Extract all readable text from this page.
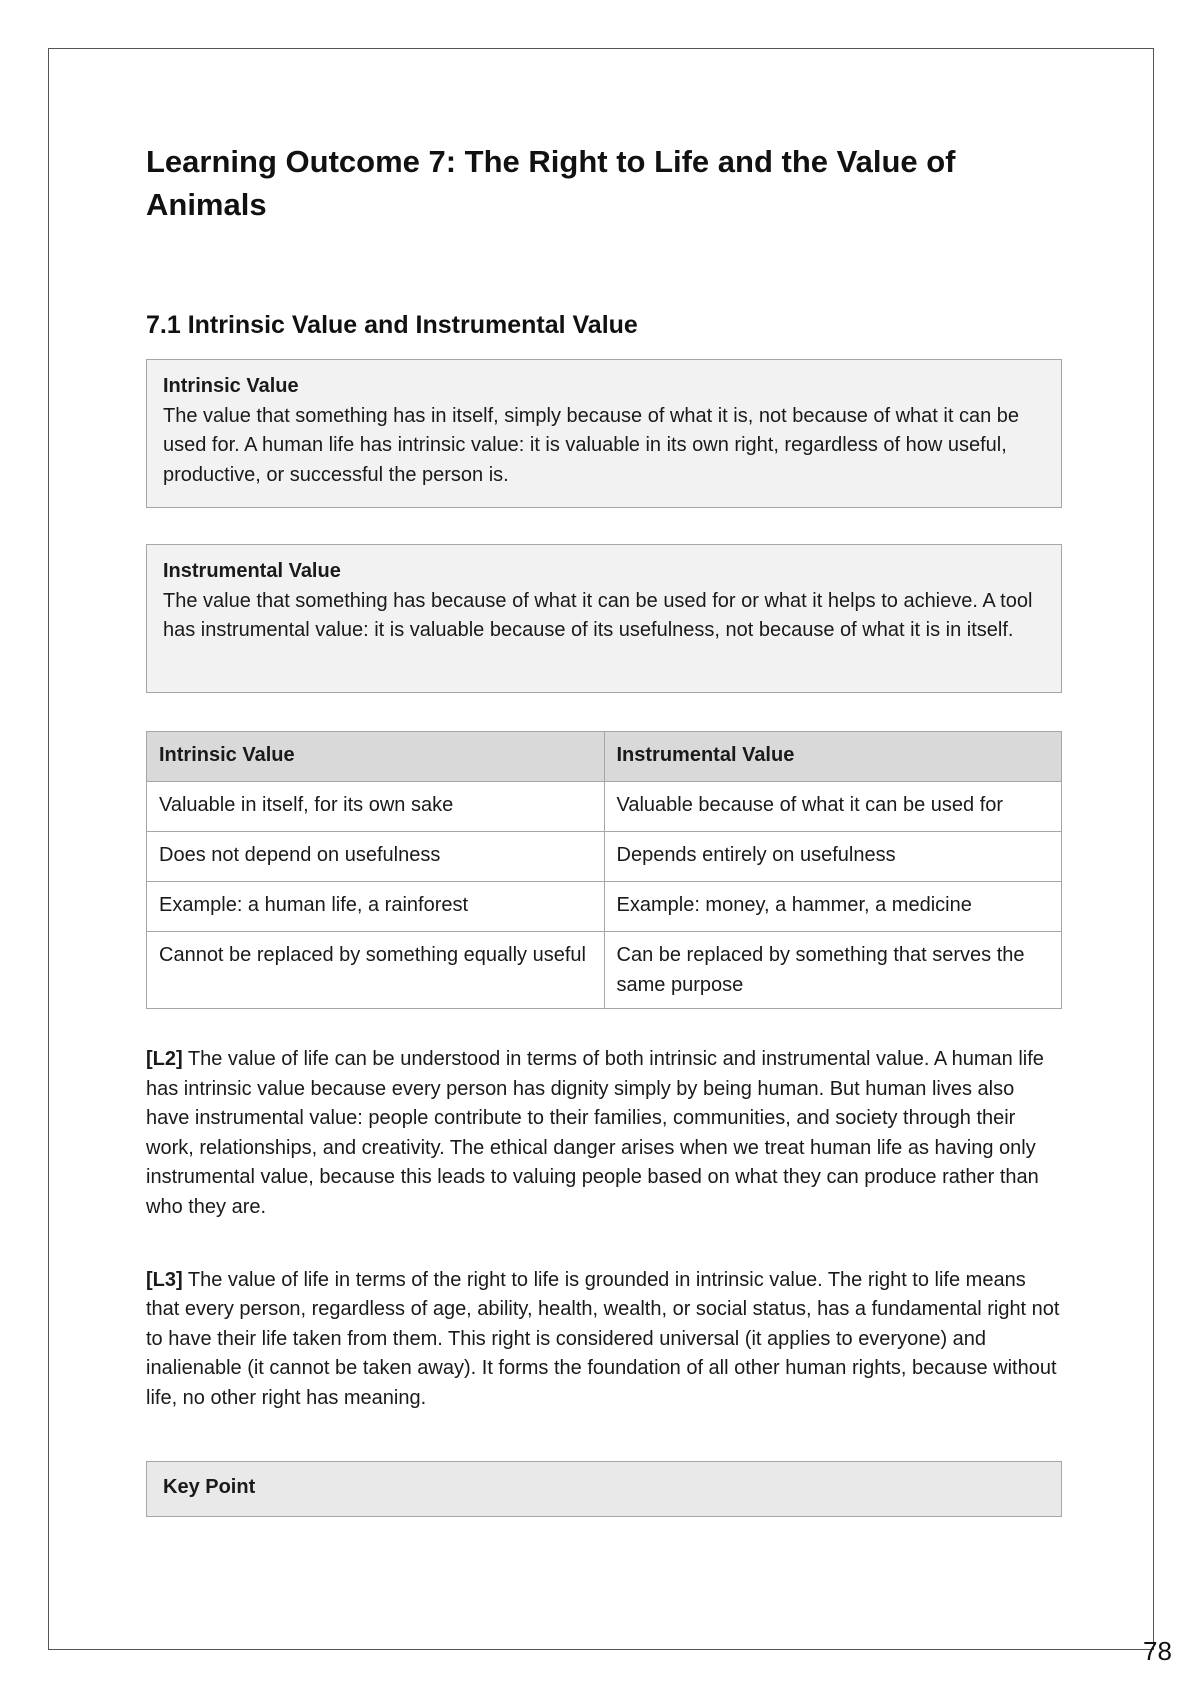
Learning Outcome 7: The Right to Life and the Value of Animals
7.1 Intrinsic Value and Instrumental Value
Intrinsic Value
The value that something has in itself, simply because of what it is, not because of what it can be used for. A human life has intrinsic value: it is valuable in its own right, regardless of how useful, productive, or successful the person is.
Instrumental Value
The value that something has because of what it can be used for or what it helps to achieve. A tool has instrumental value: it is valuable because of its usefulness, not because of what it is in itself.
Intrinsic Value	Instrumental Value
Valuable in itself, for its own sake	Valuable because of what it can be used for
Does not depend on usefulness	Depends entirely on usefulness
Example: a human life, a rainforest	Example: money, a hammer, a medicine
Cannot be replaced by something equally useful	Can be replaced by something that serves the same purpose

[L2] The value of life can be understood in terms of both intrinsic and instrumental value. A human life has intrinsic value because every person has dignity simply by being human. But human lives also have instrumental value: people contribute to their families, communities, and society through their work, relationships, and creativity. The ethical danger arises when we treat human life as having only instrumental value, because this leads to valuing people based on what they can produce rather than who they are.

[L3] The value of life in terms of the right to life is grounded in intrinsic value. The right to life means that every person, regardless of age, ability, health, wealth, or social status, has a fundamental right not to have their life taken from them. This right is considered universal (it applies to everyone) and inalienable (it cannot be taken away). It forms the foundation of all other human rights, because without life, no other right has meaning.

Key Point
78
